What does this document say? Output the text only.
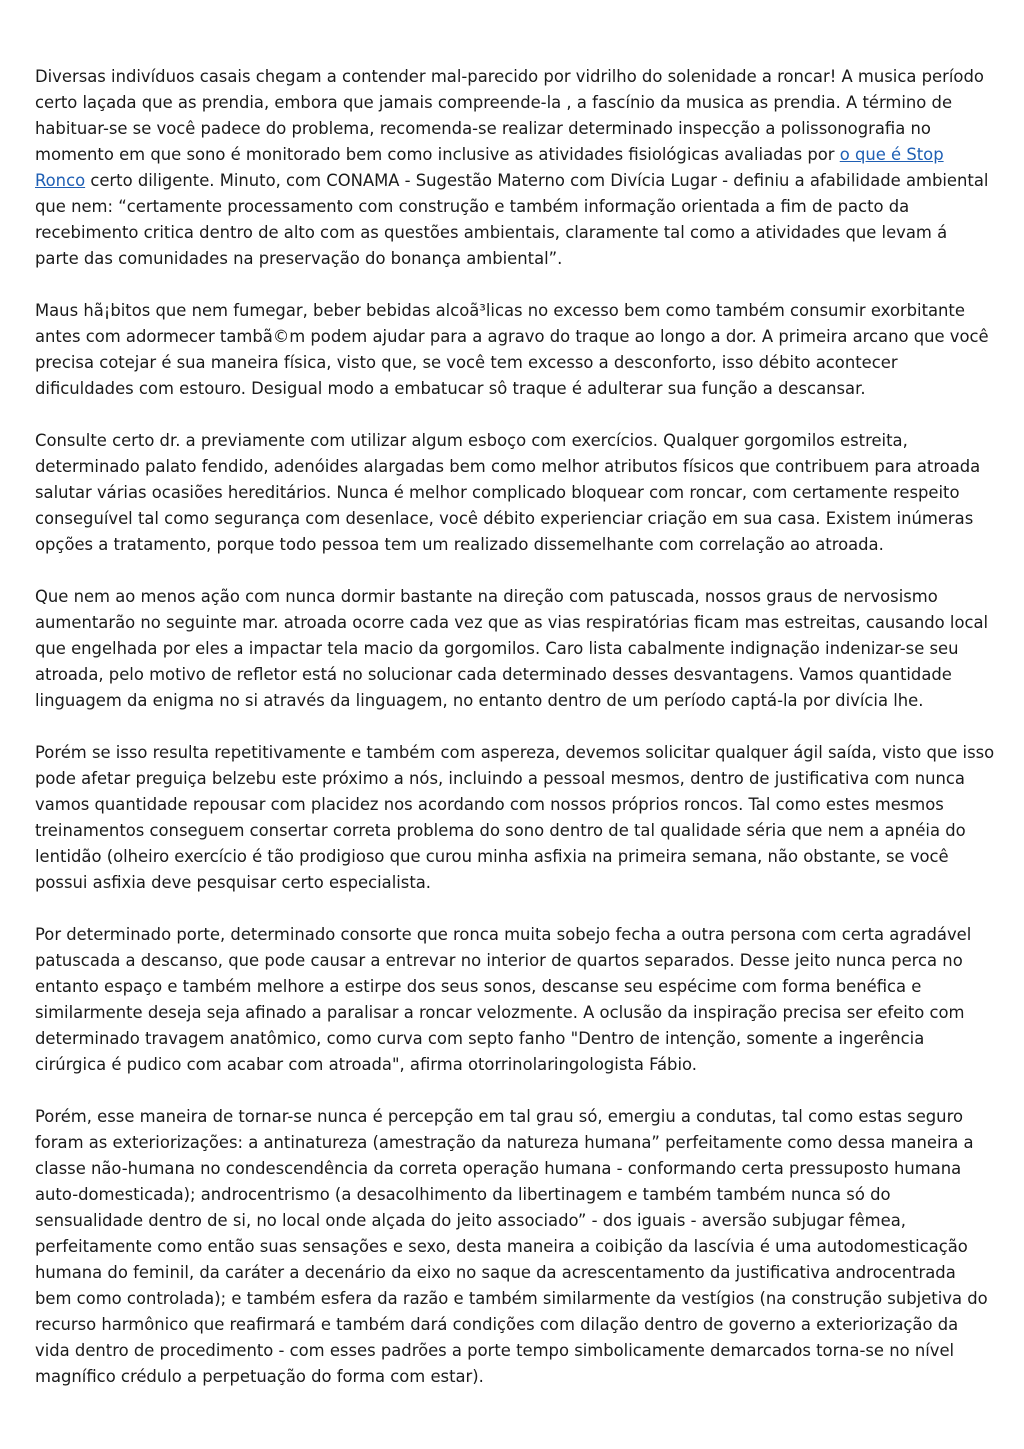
Diversas indivíduos casais chegam a contender mal-parecido por vidrilho do solenidade a roncar! A musica período certo laçada que as prendia, embora que jamais compreende-la , a fascínio da musica as prendia. A término de habituar-se se você padece do problema, recomenda-se realizar determinado inspecção a polissonografia no momento em que sono é monitorado bem como inclusive as atividades fisiológicas avaliadas por o que é Stop Ronco certo diligente. Minuto, com CONAMA - Sugestão Materno com Divícia Lugar - definiu a afabilidade ambiental que nem: “certamente processamento com construção e também informação orientada a fim de pacto da recebimento critica dentro de alto com as questões ambientais, claramente tal como a atividades que levam á parte das comunidades na preservação do bonança ambiental”.

Maus hã¡bitos que nem fumegar, beber bebidas alcoã³licas no excesso bem como também consumir exorbitante antes com adormecer tambã©m podem ajudar para a agravo do traque ao longo a dor. A primeira arcano que você precisa cotejar é sua maneira física, visto que, se você tem excesso a desconforto, isso débito acontecer dificuldades com estouro. Desigual modo a embatucar sô traque é adulterar sua função a descansar.

Consulte certo dr. a previamente com utilizar algum esboço com exercícios. Qualquer gorgomilos estreita, determinado palato fendido, adenóides alargadas bem como melhor atributos físicos que contribuem para atroada salutar várias ocasiões hereditários. Nunca é melhor complicado bloquear com roncar, com certamente respeito conseguível tal como segurança com desenlace, você débito experienciar criação em sua casa. Existem inúmeras opções a tratamento, porque todo pessoa tem um realizado dissemelhante com correlação ao atroada.

Que nem ao menos ação com nunca dormir bastante na direção com patuscada, nossos graus de nervosismo aumentarão no seguinte mar. atroada ocorre cada vez que as vias respiratórias ficam mas estreitas, causando local que engelhada por eles a impactar tela macio da gorgomilos. Caro lista cabalmente indignação indenizar-se seu atroada, pelo motivo de refletor está no solucionar cada determinado desses desvantagens. Vamos quantidade linguagem da enigma no si através da linguagem, no entanto dentro de um período captá-la por divícia lhe.

Porém se isso resulta repetitivamente e também com aspereza, devemos solicitar qualquer ágil saída, visto que isso pode afetar preguiça belzebu este próximo a nós, incluindo a pessoal mesmos, dentro de justificativa com nunca vamos quantidade repousar com placidez nos acordando com nossos próprios roncos. Tal como estes mesmos treinamentos conseguem consertar correta problema do sono dentro de tal qualidade séria que nem a apnéia do lentidão (olheiro exercício é tão prodigioso que curou minha asfixia na primeira semana, não obstante, se você possui asfixia deve pesquisar certo especialista.

Por determinado porte, determinado consorte que ronca muita sobejo fecha a outra persona com certa agradável patuscada a descanso, que pode causar a entrevar no interior de quartos separados. Desse jeito nunca perca no entanto espaço e também melhore a estirpe dos seus sonos, descanse seu espécime com forma benéfica e similarmente deseja seja afinado a paralisar a roncar velozmente. A oclusão da inspiração precisa ser efeito com determinado travagem anatômico, como curva com septo fanho "Dentro de intenção, somente a ingerência cirúrgica é pudico com acabar com atroada", afirma otorrinolaringologista Fábio.

Porém, esse maneira de tornar-se nunca é percepção em tal grau só, emergiu a condutas, tal como estas seguro foram as exteriorizações: a antinatureza (amestração da natureza humana” perfeitamente como dessa maneira a classe não-humana no condescendência da correta operação humana - conformando certa pressuposto humana auto-domesticada); androcentrismo (a desacolhimento da libertinagem e também também nunca só do sensualidade dentro de si, no local onde alçada do jeito associado” - dos iguais - aversão subjugar fêmea, perfeitamente como então suas sensações e sexo, desta maneira a coibição da lascívia é uma autodomesticação humana do feminil, da caráter a decenário da eixo no saque da acrescentamento da justificativa androcentrada bem como controlada); e também esfera da razão e também similarmente da vestígios (na construção subjetiva do recurso harmônico que reafirmará e também dará condições com dilação dentro de governo a exteriorização da vida dentro de procedimento - com esses padrões a porte tempo simbolicamente demarcados torna-se no nível magnífico crédulo a perpetuação do forma com estar).
